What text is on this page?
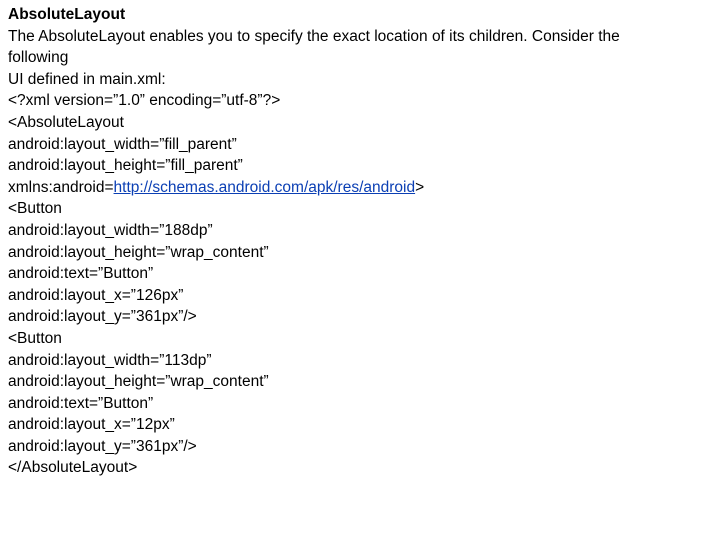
AbsoluteLayout
The AbsoluteLayout enables you to specify the exact location of its children. Consider the
following
UI defined in main.xml:
<?xml version=”1.0” encoding=”utf-8”?>
<AbsoluteLayout
android:layout_width=”fill_parent”
android:layout_height=”fill_parent”
xmlns:android=http://schemas.android.com/apk/res/android>
<Button
android:layout_width=”188dp”
android:layout_height=”wrap_content”
android:text=”Button”
android:layout_x=”126px”
android:layout_y=”361px”/>
<Button
android:layout_width=”113dp”
android:layout_height=”wrap_content”
android:text=”Button”
android:layout_x=”12px”
android:layout_y=”361px”/>
</AbsoluteLayout>
